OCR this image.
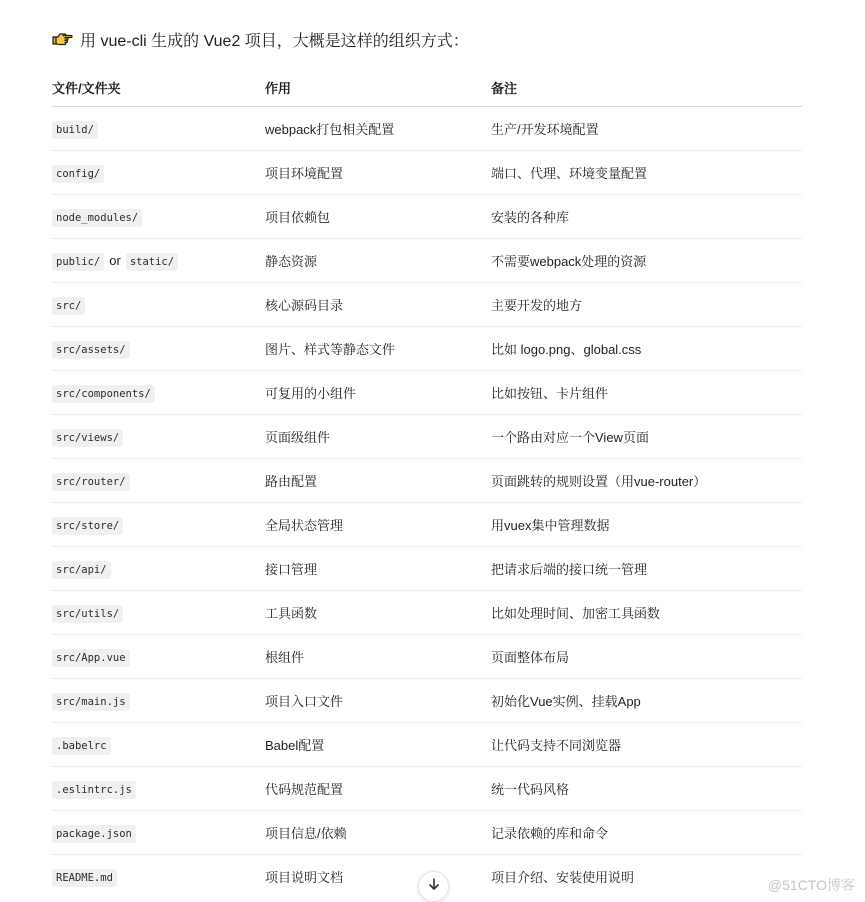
用 vue-cli 生成的 Vue2 项目，大概是这样的组织方式：
文件/文件夹	作用	备注
build/	webpack打包相关配置	生产/开发环境配置
config/	项目环境配置	端口、代理、环境变量配置
node_modules/	项目依赖包	安装的各种库
public/ or static/	静态资源	不需要webpack处理的资源
src/	核心源码目录	主要开发的地方
src/assets/	图片、样式等静态文件	比如 logo.png、global.css
src/components/	可复用的小组件	比如按钮、卡片组件
src/views/	页面级组件	一个路由对应一个View页面
src/router/	路由配置	页面跳转的规则设置（用vue-router）
src/store/	全局状态管理	用vuex集中管理数据
src/api/	接口管理	把请求后端的接口统一管理
src/utils/	工具函数	比如处理时间、加密工具函数
src/App.vue	根组件	页面整体布局
src/main.js	项目入口文件	初始化Vue实例、挂载App
.babelrc	Babel配置	让代码支持不同浏览器
.eslintrc.js	代码规范配置	统一代码风格
package.json	项目信息/依赖	记录依赖的库和命令
README.md	项目说明文档	项目介绍、安装使用说明	@51CTO博客
